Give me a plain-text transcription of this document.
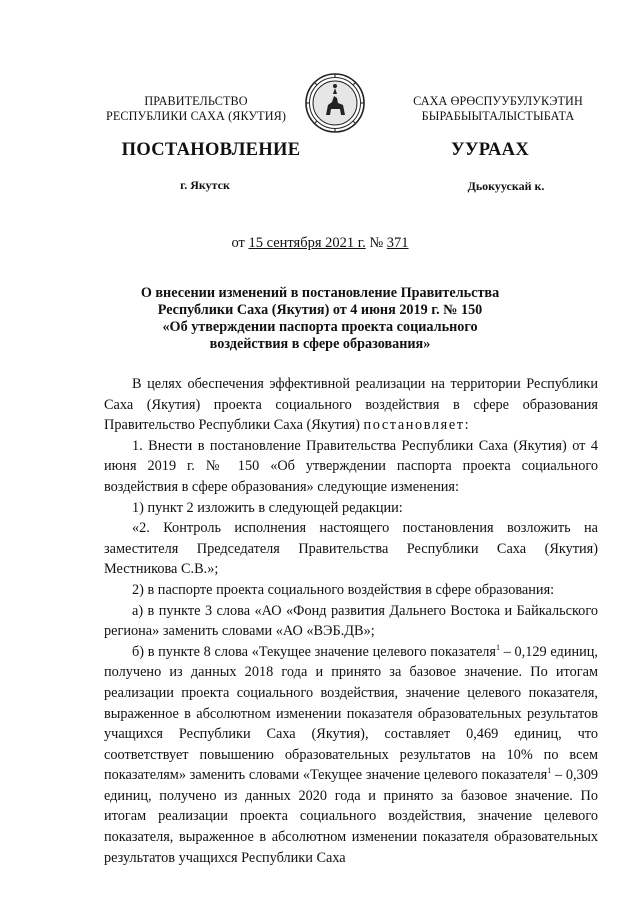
ПРАВИТЕЛЬСТВО
РЕСПУБЛИКИ САХА (ЯКУТИЯ)
САХА ӨРӨСПУУБУЛУКЭТИН
БЫРАБЫЫТАЛЫСТЫБАТА
ПОСТАНОВЛЕНИЕ	УУРААХ
г. Якутск	Дьокуускай к.
от 15 сентября 2021 г. № 371
О внесении изменений в постановление Правительства
Республики Саха (Якутия) от 4 июня 2019 г. № 150
«Об утверждении паспорта проекта социального
воздействия в сфере образования»

В целях обеспечения эффективной реализации на территории Республики Саха (Якутия) проекта социального воздействия в сфере образования Правительство Республики Саха (Якутия) постановляет:

1. Внести в постановление Правительства Республики Саха (Якутия) от 4 июня 2019 г. № 150 «Об утверждении паспорта проекта социального воздействия в сфере образования» следующие изменения:

1) пункт 2 изложить в следующей редакции:

«2. Контроль исполнения настоящего постановления возложить на заместителя Председателя Правительства Республики Саха (Якутия) Местникова С.В.»;

2) в паспорте проекта социального воздействия в сфере образования:

а) в пункте 3 слова «АО «Фонд развития Дальнего Востока и Байкальского региона» заменить словами «АО «ВЭБ.ДВ»;

б) в пункте 8 слова «Текущее значение целевого показателя$^1$ – 0,129 единиц, получено из данных 2018 года и принято за базовое значение. По итогам реализации проекта социального воздействия, значение целевого показателя, выраженное в абсолютном изменении показателя образовательных результатов учащихся Республики Саха (Якутия), составляет 0,469 единиц, что соответствует повышению образовательных результатов на 10% по всем показателям» заменить словами «Текущее значение целевого показателя$^1$ – 0,309 единиц, получено из данных 2020 года и принято за базовое значение. По итогам реализации проекта социального воздействия, значение целевого показателя, выраженное в абсолютном изменении показателя образовательных результатов учащихся Республики Саха
